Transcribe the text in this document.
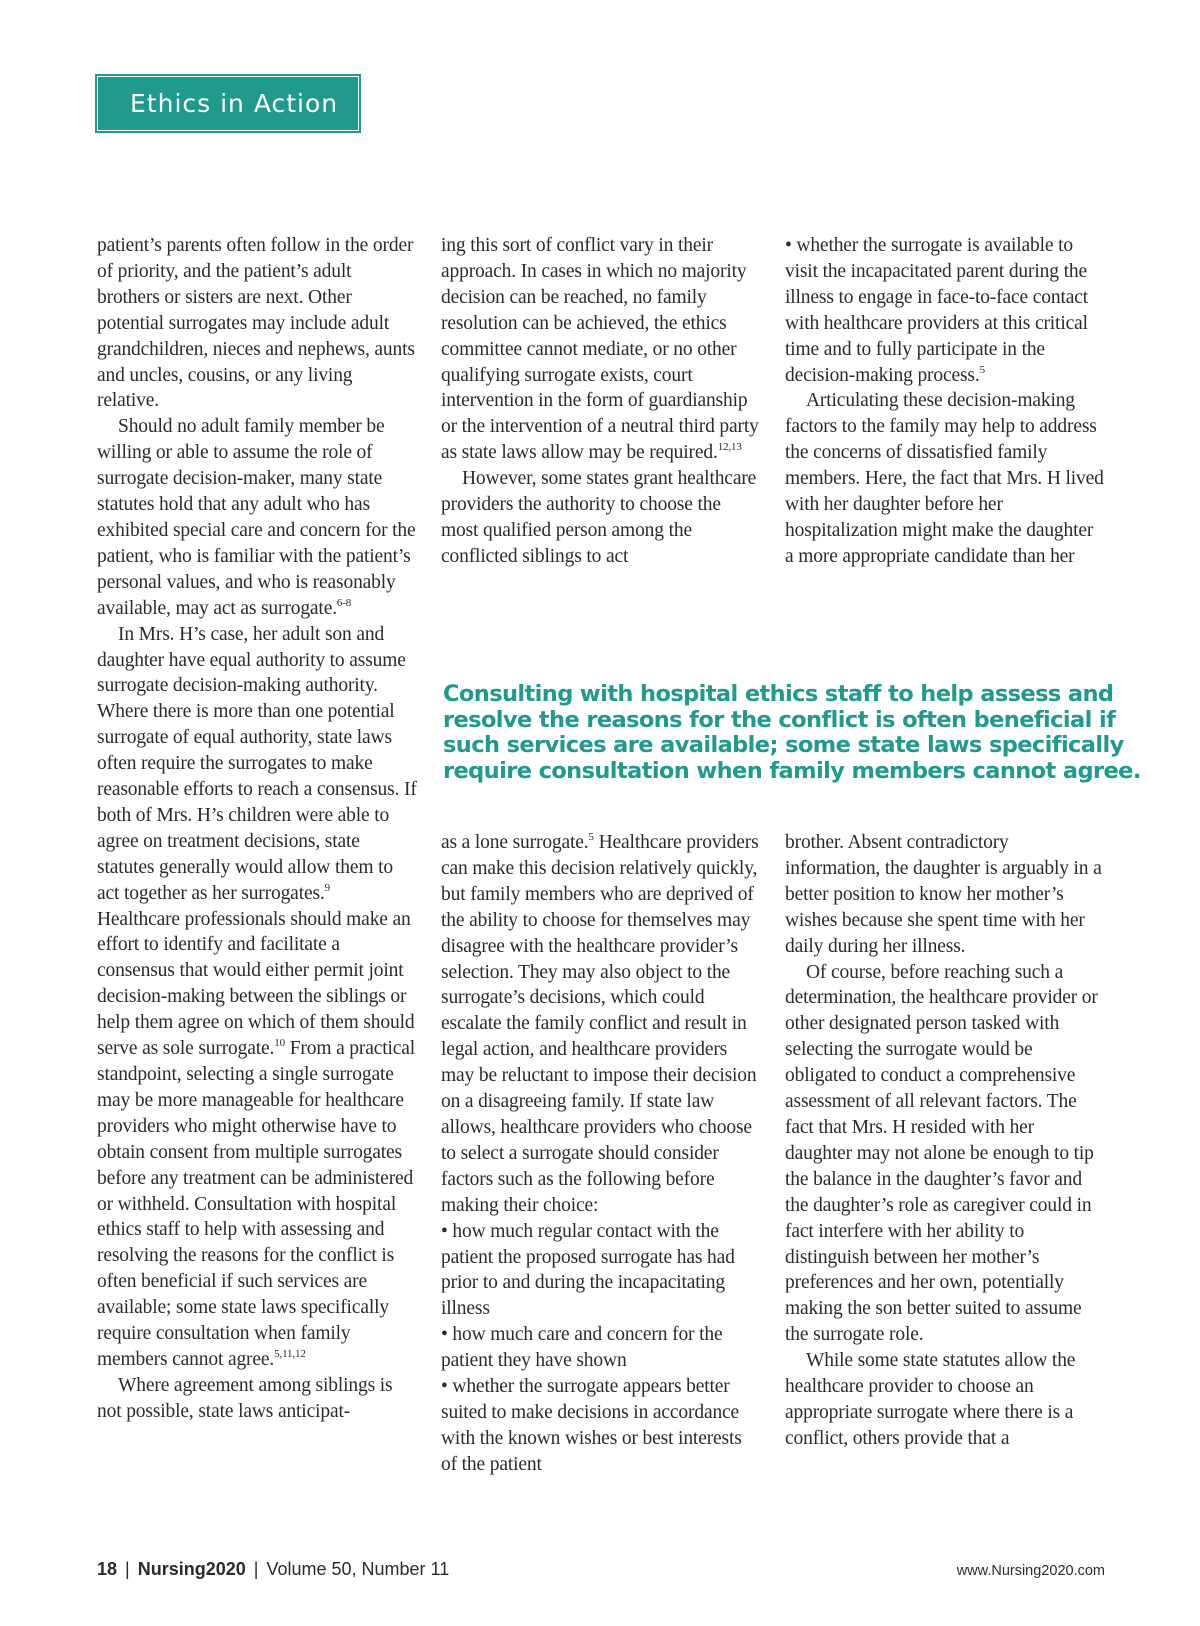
Ethics in Action

patient’s parents often follow in the order of priority, and the patient’s adult brothers or sisters are next. Other potential surrogates may include adult grandchildren, nieces and nephews, aunts and uncles, cousins, or any living relative.

Should no adult family member be willing or able to assume the role of surrogate decision-maker, many state statutes hold that any adult who has exhibited special care and concern for the patient, who is familiar with the patient’s personal values, and who is reasonably available, may act as surrogate.$^{6-8}$

In Mrs. H’s case, her adult son and daughter have equal authority to assume surrogate decision-making authority. Where there is more than one potential surrogate of equal authority, state laws often require the surrogates to make reasonable efforts to reach a consensus. If both of Mrs. H’s children were able to agree on treatment decisions, state statutes generally would allow them to act together as her surrogates.$^9$ Healthcare professionals should make an effort to identify and facilitate a consensus that would either permit joint decision-making between the siblings or help them agree on which of them should serve as sole surrogate.$^{10}$ From a practical standpoint, selecting a single surrogate may be more manageable for healthcare providers who might otherwise have to obtain consent from multiple surrogates before any treatment can be administered or withheld. Consultation with hospital ethics staff to help with assessing and resolving the reasons for the conflict is often beneficial if such services are available; some state laws specifically require consultation when family members cannot agree.$^{5,11,12}$

Where agreement among siblings is not possible, state laws anticipat-

ing this sort of conflict vary in their approach. In cases in which no majority decision can be reached, no family resolution can be achieved, the ethics committee cannot mediate, or no other qualifying surrogate exists, court intervention in the form of guardianship or the intervention of a neutral third party as state laws allow may be required.$^{12,13}$

However, some states grant healthcare providers the authority to choose the most qualified person among the conflicted siblings to act

• whether the surrogate is available to visit the incapacitated parent during the illness to engage in face-to-face contact with healthcare providers at this critical time and to fully participate in the decision-making process.$^5$

Articulating these decision-making factors to the family may help to address the concerns of dissatisfied family members. Here, the fact that Mrs. H lived with her daughter before her hospitalization might make the daughter a more appropriate candidate than her

Consulting with hospital ethics staff to help assess and resolve the reasons for the conflict is often beneficial if such services are available; some state laws specifically require consultation when family members cannot agree.

as a lone surrogate.$^5$ Healthcare providers can make this decision relatively quickly, but family members who are deprived of the ability to choose for themselves may disagree with the healthcare provider’s selection. They may also object to the surrogate’s decisions, which could escalate the family conflict and result in legal action, and healthcare providers may be reluctant to impose their decision on a disagreeing family. If state law allows, healthcare providers who choose to select a surrogate should consider factors such as the following before making their choice:

• how much regular contact with the patient the proposed surrogate has had prior to and during the incapacitating illness

• how much care and concern for the patient they have shown

• whether the surrogate appears better suited to make decisions in accordance with the known wishes or best interests of the patient

brother. Absent contradictory information, the daughter is arguably in a better position to know her mother’s wishes because she spent time with her daily during her illness.

Of course, before reaching such a determination, the healthcare provider or other designated person tasked with selecting the surrogate would be obligated to conduct a comprehensive assessment of all relevant factors. The fact that Mrs. H resided with her daughter may not alone be enough to tip the balance in the daughter’s favor and the daughter’s role as caregiver could in fact interfere with her ability to distinguish between her mother’s preferences and her own, potentially making the son better suited to assume the surrogate role.

While some state statutes allow the healthcare provider to choose an appropriate surrogate where there is a conflict, others provide that a

18 | Nursing2020 | Volume 50, Number 11	www.Nursing2020.com
